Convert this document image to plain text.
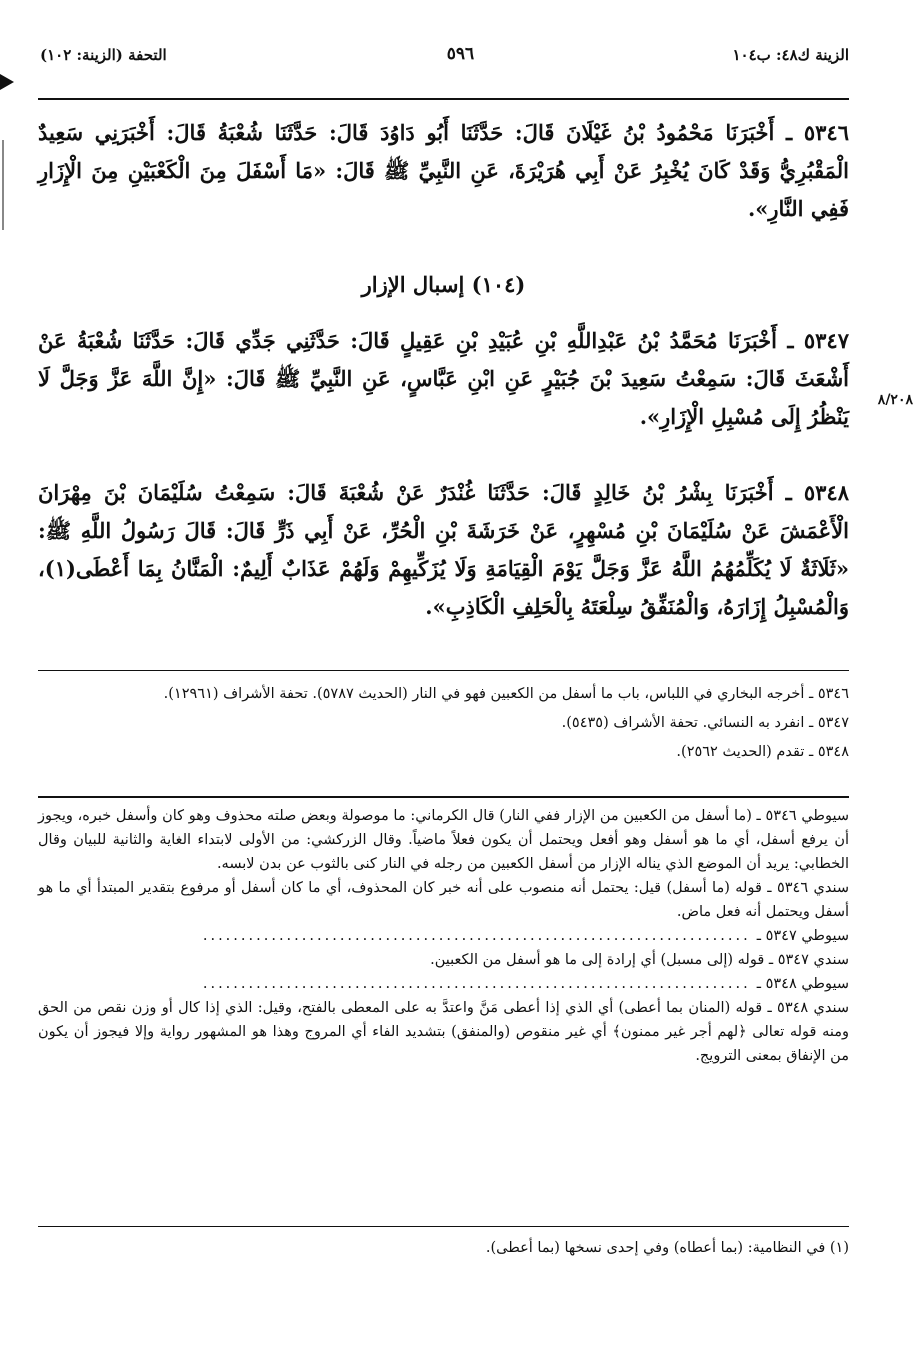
الزينة ك٤٨: ب١٠٤
٥٩٦
التحفة (الزينة: ١٠٢)

٥٣٤٦ ـ أَخْبَرَنَا مَحْمُودُ بْنُ غَيْلَانَ قَالَ: حَدَّثَنَا أَبُو دَاوُدَ قَالَ: حَدَّثَنَا شُعْبَةُ قَالَ: أَخْبَرَنِي سَعِيدٌ الْمَقْبُرِيُّ وَقَدْ كَانَ يُخْبِرُ عَنْ أَبِي هُرَيْرَةَ، عَنِ النَّبِيِّ ﷺ قَالَ: «مَا أَسْفَلَ مِنَ الْكَعْبَيْنِ مِنَ الْإِزَارِ فَفِي النَّارِ».

(١٠٤) إسبال الإزار

٥٣٤٧ ـ أَخْبَرَنَا مُحَمَّدُ بْنُ عَبْدِاللَّهِ بْنِ عُبَيْدِ بْنِ عَقِيلٍ قَالَ: حَدَّثَنِي جَدِّي قَالَ: حَدَّثَنَا شُعْبَةُ عَنْ أَشْعَثَ قَالَ: سَمِعْتُ سَعِيدَ بْنَ جُبَيْرٍ عَنِ ابْنِ عَبَّاسٍ، عَنِ النَّبِيِّ ﷺ قَالَ: «إِنَّ اللَّهَ عَزَّ وَجَلَّ لَا يَنْظُرُ إِلَى مُسْبِلِ الْإِزَارِ».

٨/٢٠٨

٥٣٤٨ ـ أَخْبَرَنَا بِشْرُ بْنُ خَالِدٍ قَالَ: حَدَّثَنَا غُنْدَرٌ عَنْ شُعْبَةَ قَالَ: سَمِعْتُ سُلَيْمَانَ بْنَ مِهْرَانَ الْأَعْمَشَ عَنْ سُلَيْمَانَ بْنِ مُسْهِرٍ، عَنْ خَرَشَةَ بْنِ الْحُرِّ، عَنْ أَبِي ذَرٍّ قَالَ: قَالَ رَسُولُ اللَّهِ ﷺ: «ثَلَاثَةٌ لَا يُكَلِّمُهُمُ اللَّهُ عَزَّ وَجَلَّ يَوْمَ الْقِيَامَةِ وَلَا يُزَكِّيهِمْ وَلَهُمْ عَذَابٌ أَلِيمٌ: الْمَنَّانُ بِمَا أَعْطَى(١)، وَالْمُسْبِلُ إِزَارَهُ، وَالْمُنَفِّقُ سِلْعَتَهُ بِالْحَلِفِ الْكَاذِبِ».

٥٣٤٦ ـ أخرجه البخاري في اللباس، باب ما أسفل من الكعبين فهو في النار (الحديث ٥٧٨٧). تحفة الأشراف (١٢٩٦١).
٥٣٤٧ ـ انفرد به النسائي. تحفة الأشراف (٥٤٣٥).
٥٣٤٨ ـ تقدم (الحديث ٢٥٦٢).
سيوطي ٥٣٤٦ ـ (ما أسفل من الكعبين من الإزار ففي النار) قال الكرماني: ما موصولة وبعض صلته محذوف وهو كان وأسفل خبره، ويجوز أن يرفع أسفل، أي ما هو أسفل وهو أفعل ويحتمل أن يكون فعلاً ماضياً. وقال الزركشي: من الأولى لابتداء الغاية والثانية للبيان وقال الخطابي: يريد أن الموضع الذي يناله الإزار من أسفل الكعبين من رجله في النار كنى بالثوب عن بدن لابسه.
سندي ٥٣٤٦ ـ قوله (ما أسفل) قيل: يحتمل أنه منصوب على أنه خبر كان المحذوف، أي ما كان أسفل أو مرفوع بتقدير المبتدأ أي ما هو أسفل ويحتمل أنه فعل ماض.
سيوطي ٥٣٤٧ ـ
........................................................................
سندي ٥٣٤٧ ـ قوله (إلى مسبل) أي إرادة إلى ما هو أسفل من الكعبين.
سيوطي ٥٣٤٨ ـ
........................................................................
سندي ٥٣٤٨ ـ قوله (المنان بما أعطى) أي الذي إذا أعطى مَنَّ واعتدَّ به على المعطى بالفتح، وقيل: الذي إذا كال أو وزن نقص من الحق ومنه قوله تعالى ﴿لهم أجر غير ممنون﴾ أي غير منقوص (والمنفق) بتشديد الفاء أي المروج وهذا هو المشهور رواية وإلا فيجوز أن يكون من الإنفاق بمعنى الترويج.
(١) في النظامية: (بما أعطاه) وفي إحدى نسخها (بما أعطى).
